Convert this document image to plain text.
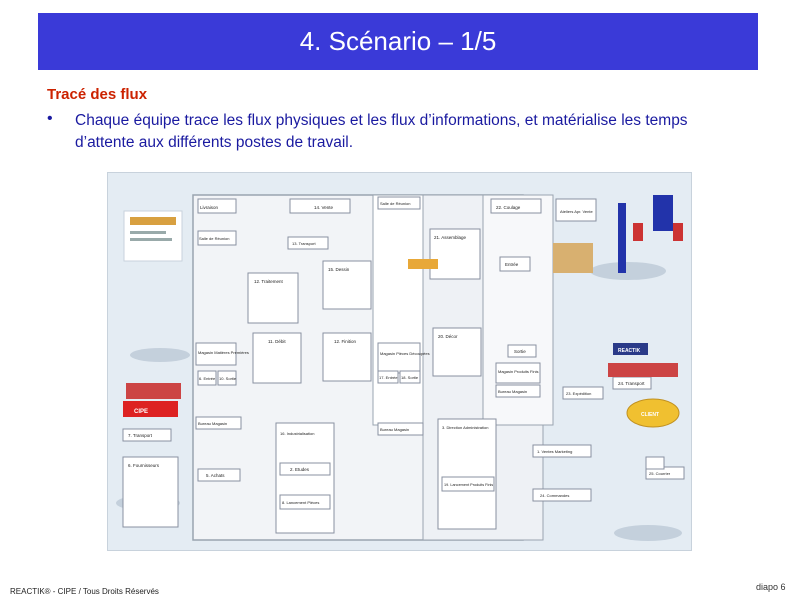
4. Scénario – 1/5
Tracé des flux
•	Chaque équipe trace les flux physiques et les flux d’informations, et matérialise les temps d’attente aux différents postes de travail.
Livraison	14. Vente
Salle de Réunion
Salle de Réunion
22. Coulage
Ateliers Apr. Vente
13. Transport
21. Assemblage
12. Traitement
15. Dessin
Entrée
Magasin Pièces Découpées
20. Décor
REACTIK
Magasin Matières Premières
11. Débit	12. Finition
Sortie
Magasin Produits Finis
24. Transport
6. Entrée 10. Sortie	17. Entrée 18. Sortie
Bureau Magasin
23. Expédition
CIPE	CLIENT
Bureau Magasin
Bureau Magasin
7. Transport	16. Industrialisation
3. Direction Administration
6. Fournisseurs
2. Etudes
1. Ventes Marketing
5. Achats	25. Courrier
8. Lancement Pièces
19. Lancement Produits Finis
24. Commandes
REACTIK® - CIPE / Tous Droits Réservés	diapo 6
